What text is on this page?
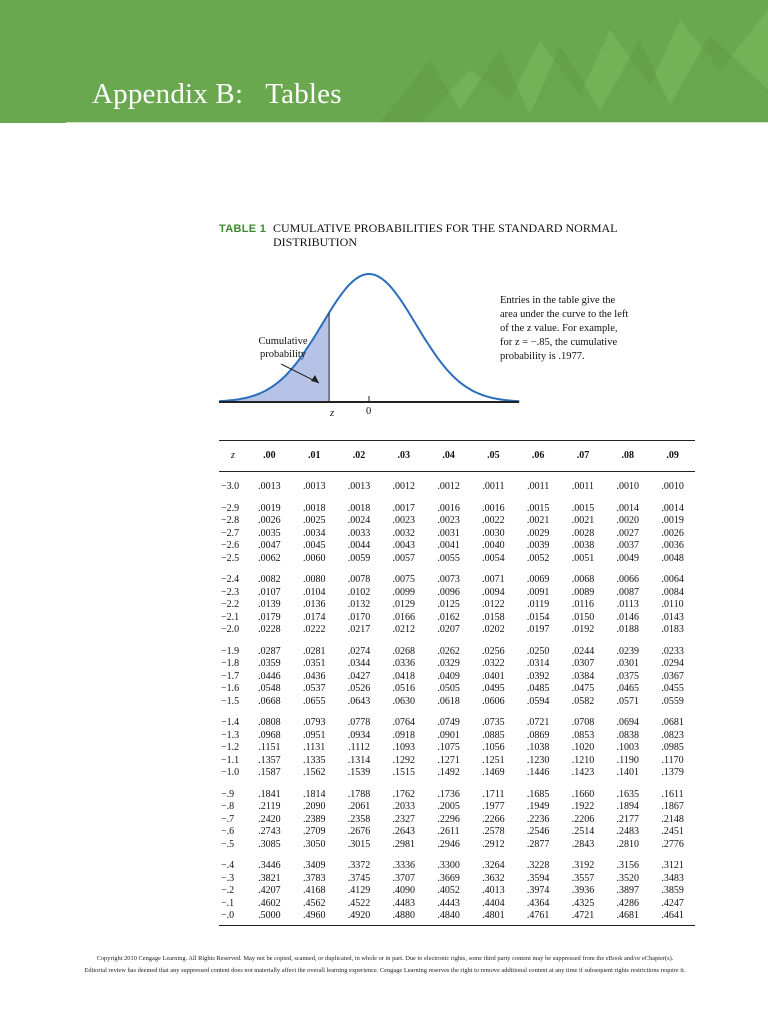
Appendix B: Tables
TABLE 1 CUMULATIVE PROBABILITIES FOR THE STANDARD NORMAL DISTRIBUTION
Cumulative probability
z	0
Entries in the table give the area under the curve to the left of the z value. For example, for z = −.85, the cumulative probability is .1977.
z	.00	.01	.02	.03	.04	.05	.06	.07	.08	.09

−3.0	.0013	.0013	.0013	.0012	.0012	.0011	.0011	.0011	.0010	.0010

−2.9	.0019	.0018	.0018	.0017	.0016	.0016	.0015	.0015	.0014	.0014
−2.8	.0026	.0025	.0024	.0023	.0023	.0022	.0021	.0021	.0020	.0019
−2.7	.0035	.0034	.0033	.0032	.0031	.0030	.0029	.0028	.0027	.0026
−2.6	.0047	.0045	.0044	.0043	.0041	.0040	.0039	.0038	.0037	.0036
−2.5	.0062	.0060	.0059	.0057	.0055	.0054	.0052	.0051	.0049	.0048

−2.4	.0082	.0080	.0078	.0075	.0073	.0071	.0069	.0068	.0066	.0064
−2.3	.0107	.0104	.0102	.0099	.0096	.0094	.0091	.0089	.0087	.0084
−2.2	.0139	.0136	.0132	.0129	.0125	.0122	.0119	.0116	.0113	.0110
−2.1	.0179	.0174	.0170	.0166	.0162	.0158	.0154	.0150	.0146	.0143
−2.0	.0228	.0222	.0217	.0212	.0207	.0202	.0197	.0192	.0188	.0183

−1.9	.0287	.0281	.0274	.0268	.0262	.0256	.0250	.0244	.0239	.0233
−1.8	.0359	.0351	.0344	.0336	.0329	.0322	.0314	.0307	.0301	.0294
−1.7	.0446	.0436	.0427	.0418	.0409	.0401	.0392	.0384	.0375	.0367
−1.6	.0548	.0537	.0526	.0516	.0505	.0495	.0485	.0475	.0465	.0455
−1.5	.0668	.0655	.0643	.0630	.0618	.0606	.0594	.0582	.0571	.0559

−1.4	.0808	.0793	.0778	.0764	.0749	.0735	.0721	.0708	.0694	.0681
−1.3	.0968	.0951	.0934	.0918	.0901	.0885	.0869	.0853	.0838	.0823
−1.2	.1151	.1131	.1112	.1093	.1075	.1056	.1038	.1020	.1003	.0985
−1.1	.1357	.1335	.1314	.1292	.1271	.1251	.1230	.1210	.1190	.1170
−1.0	.1587	.1562	.1539	.1515	.1492	.1469	.1446	.1423	.1401	.1379

−.9	.1841	.1814	.1788	.1762	.1736	.1711	.1685	.1660	.1635	.1611
−.8	.2119	.2090	.2061	.2033	.2005	.1977	.1949	.1922	.1894	.1867
−.7	.2420	.2389	.2358	.2327	.2296	.2266	.2236	.2206	.2177	.2148
−.6	.2743	.2709	.2676	.2643	.2611	.2578	.2546	.2514	.2483	.2451
−.5	.3085	.3050	.3015	.2981	.2946	.2912	.2877	.2843	.2810	.2776

−.4	.3446	.3409	.3372	.3336	.3300	.3264	.3228	.3192	.3156	.3121
−.3	.3821	.3783	.3745	.3707	.3669	.3632	.3594	.3557	.3520	.3483
−.2	.4207	.4168	.4129	.4090	.4052	.4013	.3974	.3936	.3897	.3859
−.1	.4602	.4562	.4522	.4483	.4443	.4404	.4364	.4325	.4286	.4247
−.0	.5000	.4960	.4920	.4880	.4840	.4801	.4761	.4721	.4681	.4641
Copyright 2010 Cengage Learning. All Rights Reserved. May not be copied, scanned, or duplicated, in whole or in part. Due to electronic rights, some third party content may be suppressed from the eBook and/or eChapter(s).
Editorial review has deemed that any suppressed content does not materially affect the overall learning experience. Cengage Learning reserves the right to remove additional content at any time if subsequent rights restrictions require it.
